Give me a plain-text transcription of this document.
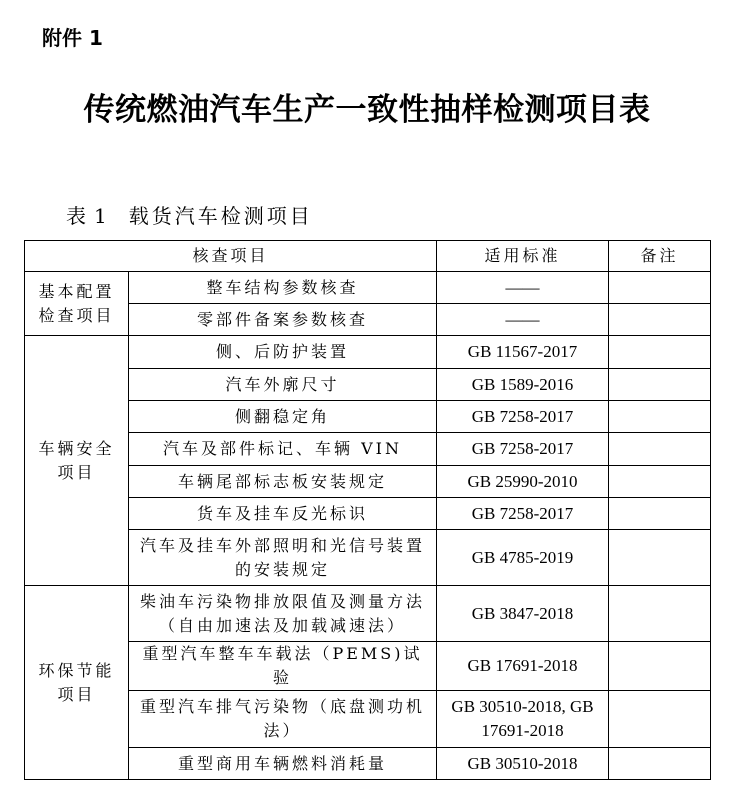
附件 1
传统燃油汽车生产一致性抽样检测项目表
表 1 载货汽车检测项目
核查项目		适用标准	备注
基本配置检查项目	整车结构参数核查	——	
	零部件备案参数核查	——	
车辆安全项目	侧、后防护装置	GB 11567-2017	
	汽车外廓尺寸	GB 1589-2016	
	侧翻稳定角	GB 7258-2017	
	汽车及部件标记、车辆 VIN	GB 7258-2017	
	车辆尾部标志板安装规定	GB 25990-2010	
	货车及挂车反光标识	GB 7258-2017	
	汽车及挂车外部照明和光信号装置的安装规定	GB 4785-2019	
环保节能项目	柴油车污染物排放限值及测量方法（自由加速法及加载减速法）	GB 3847-2018	
	重型汽车整车车载法（PEMS)试验	GB 17691-2018	
	重型汽车排气污染物（底盘测功机法）	GB 30510-2018, GB 17691-2018	
	重型商用车辆燃料消耗量	GB 30510-2018	
